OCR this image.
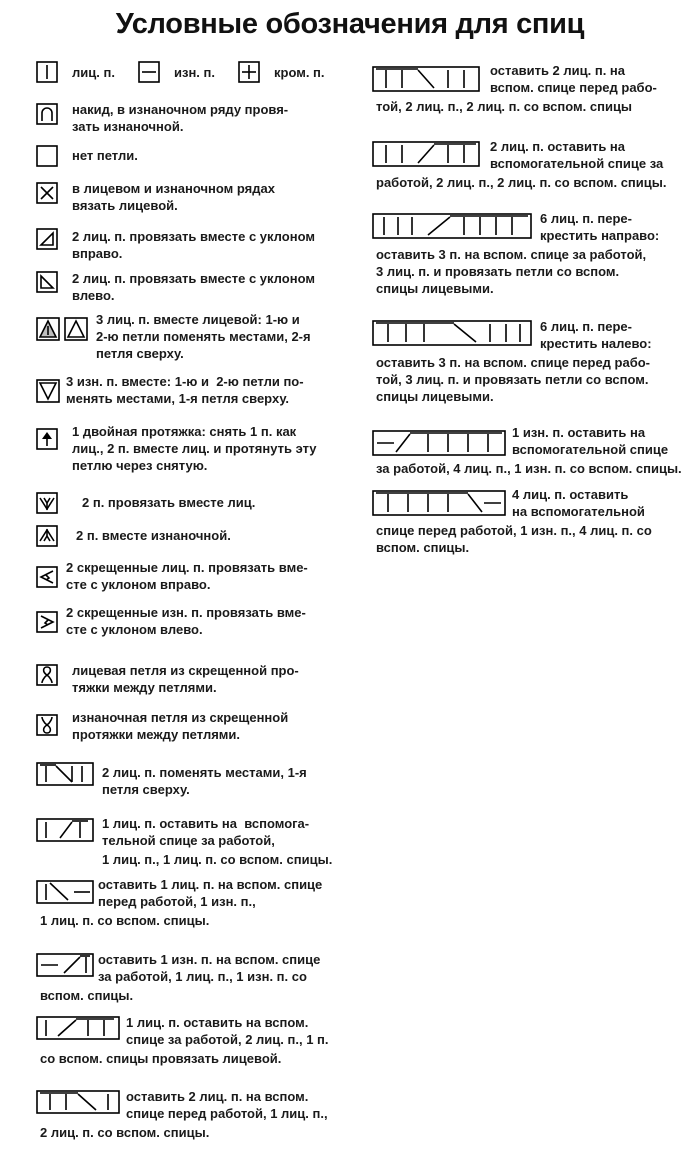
Условные обозначения для спиц
лиц. п.	изн. п.	кром. п.
накид, в изнаночном ряду провя-
зать изнаночной.
нет петли.
в лицевом и изнаночном рядах
вязать лицевой.
2 лиц. п. провязать вместе с уклоном
вправо.
2 лиц. п. провязать вместе с уклоном
влево.
3 лиц. п. вместе лицевой: 1-ю и
2-ю петли поменять местами, 2-я
петля сверху.
3 изн. п. вместе: 1-ю и  2-ю петли по-
менять местами, 1-я петля сверху.
1 двойная протяжка: снять 1 п. как
лиц., 2 п. вместе лиц. и протянуть эту
петлю через снятую.
2 п. провязать вместе лиц.
2 п. вместе изнаночной.
2 скрещенные лиц. п. провязать вме-
сте с уклоном вправо.
2 скрещенные изн. п. провязать вме-
сте с уклоном влево.
лицевая петля из скрещенной про-
тяжки между петлями.
изнаночная петля из скрещенной
протяжки между петлями.
2 лиц. п. поменять местами, 1-я
петля сверху.
1 лиц. п. оставить на  вспомога-
тельной спице за работой,
1 лиц. п., 1 лиц. п. со вспом. спицы.
оставить 1 лиц. п. на вспом. спице
перед работой, 1 изн. п.,
1 лиц. п. со вспом. спицы.
оставить 1 изн. п. на вспом. спице
за работой, 1 лиц. п., 1 изн. п. со
вспом. спицы.
1 лиц. п. оставить на вспом.
спице за работой, 2 лиц. п., 1 п.
со вспом. спицы провязать лицевой.
оставить 2 лиц. п. на вспом.
спице перед работой, 1 лиц. п.,
2 лиц. п. со вспом. спицы.
оставить 2 лиц. п. на
вспом. спице перед рабо-
той, 2 лиц. п., 2 лиц. п. со вспом. спицы
2 лиц. п. оставить на
вспомогательной спице за
работой, 2 лиц. п., 2 лиц. п. со вспом. спицы.
6 лиц. п. пере-
крестить направо:
оставить 3 п. на вспом. спице за работой,
3 лиц. п. и провязать петли со вспом.
спицы лицевыми.
6 лиц. п. пере-
крестить налево:
оставить 3 п. на вспом. спице перед рабо-
той, 3 лиц. п. и провязать петли со вспом.
спицы лицевыми.
1 изн. п. оставить на
вспомогательной спице
за работой, 4 лиц. п., 1 изн. п. со вспом. спицы.
4 лиц. п. оставить
на вспомогательной
спице перед работой, 1 изн. п., 4 лиц. п. со
вспом. спицы.
